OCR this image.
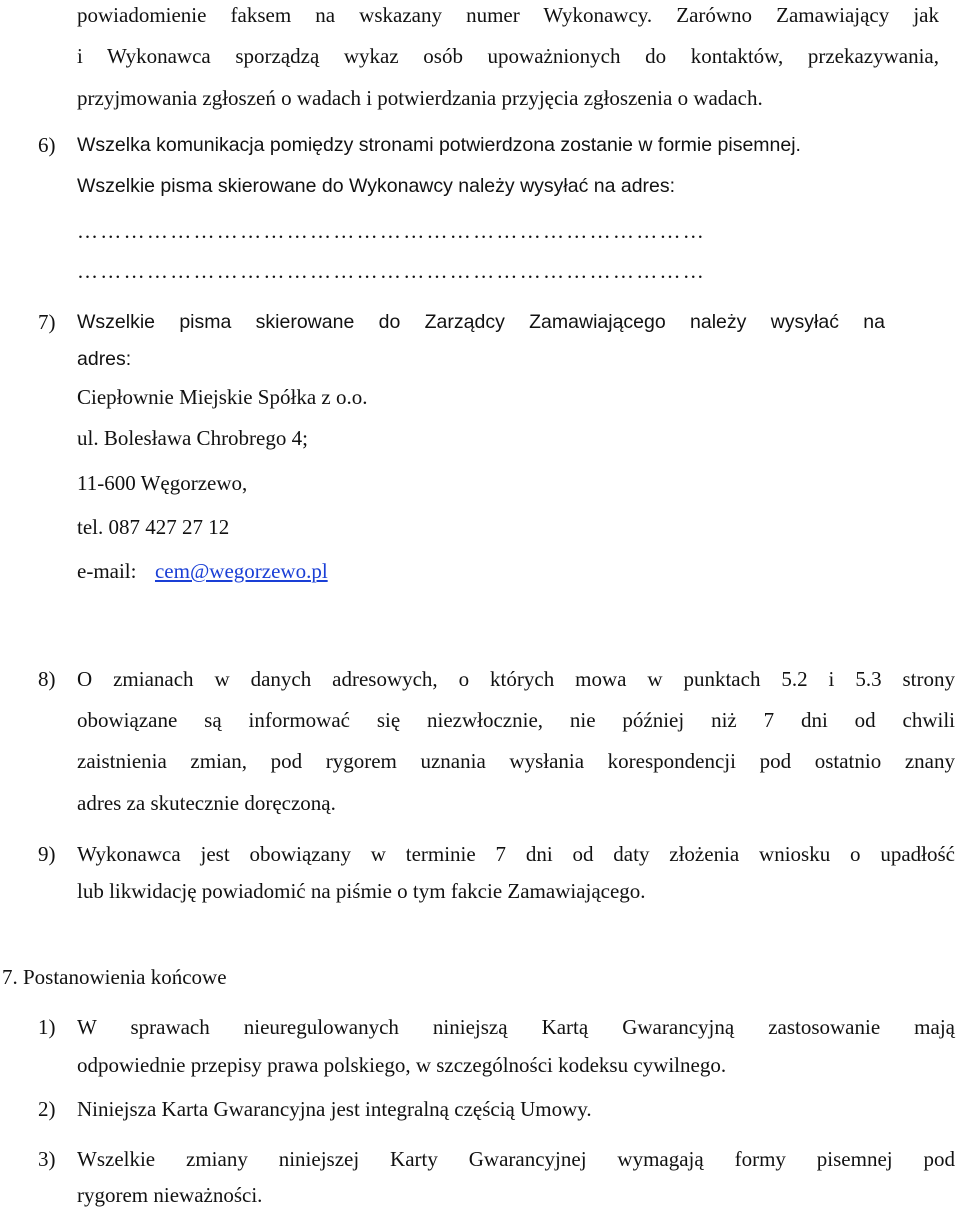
powiadomienie faksem na wskazany numer Wykonawcy. Zarówno Zamawiający jak
i Wykonawca sporządzą wykaz osób upoważnionych do kontaktów, przekazywania,
przyjmowania zgłoszeń o wadach i potwierdzania przyjęcia zgłoszenia o wadach.
6) Wszelka komunikacja pomiędzy stronami potwierdzona zostanie w formie pisemnej.
Wszelkie pisma skierowane do Wykonawcy należy wysyłać na adres:
………………………………………………………………………
………………………………………………………………………
7) Wszelkie pisma skierowane do Zarządcy Zamawiającego należy wysyłać na
adres:
Ciepłownie Miejskie Spółka z o.o.
ul. Bolesława Chrobrego 4;
11-600 Węgorzewo,
tel. 087 427 27 12
e-mail: cem@wegorzewo.pl
8) O zmianach w danych adresowych, o których mowa w punktach 5.2 i 5.3 strony
obowiązane są informować się niezwłocznie, nie później niż 7 dni od chwili
zaistnienia zmian, pod rygorem uznania wysłania korespondencji pod ostatnio znany
adres za skutecznie doręczoną.
9) Wykonawca jest obowiązany w terminie 7 dni od daty złożenia wniosku o upadłość
lub likwidację powiadomić na piśmie o tym fakcie Zamawiającego.
7. Postanowienia końcowe
1) W sprawach nieuregulowanych niniejszą Kartą Gwarancyjną zastosowanie mają
odpowiednie przepisy prawa polskiego, w szczególności kodeksu cywilnego.
2) Niniejsza Karta Gwarancyjna jest integralną częścią Umowy.
3) Wszelkie zmiany niniejszej Karty Gwarancyjnej wymagają formy pisemnej pod
rygorem nieważności.
